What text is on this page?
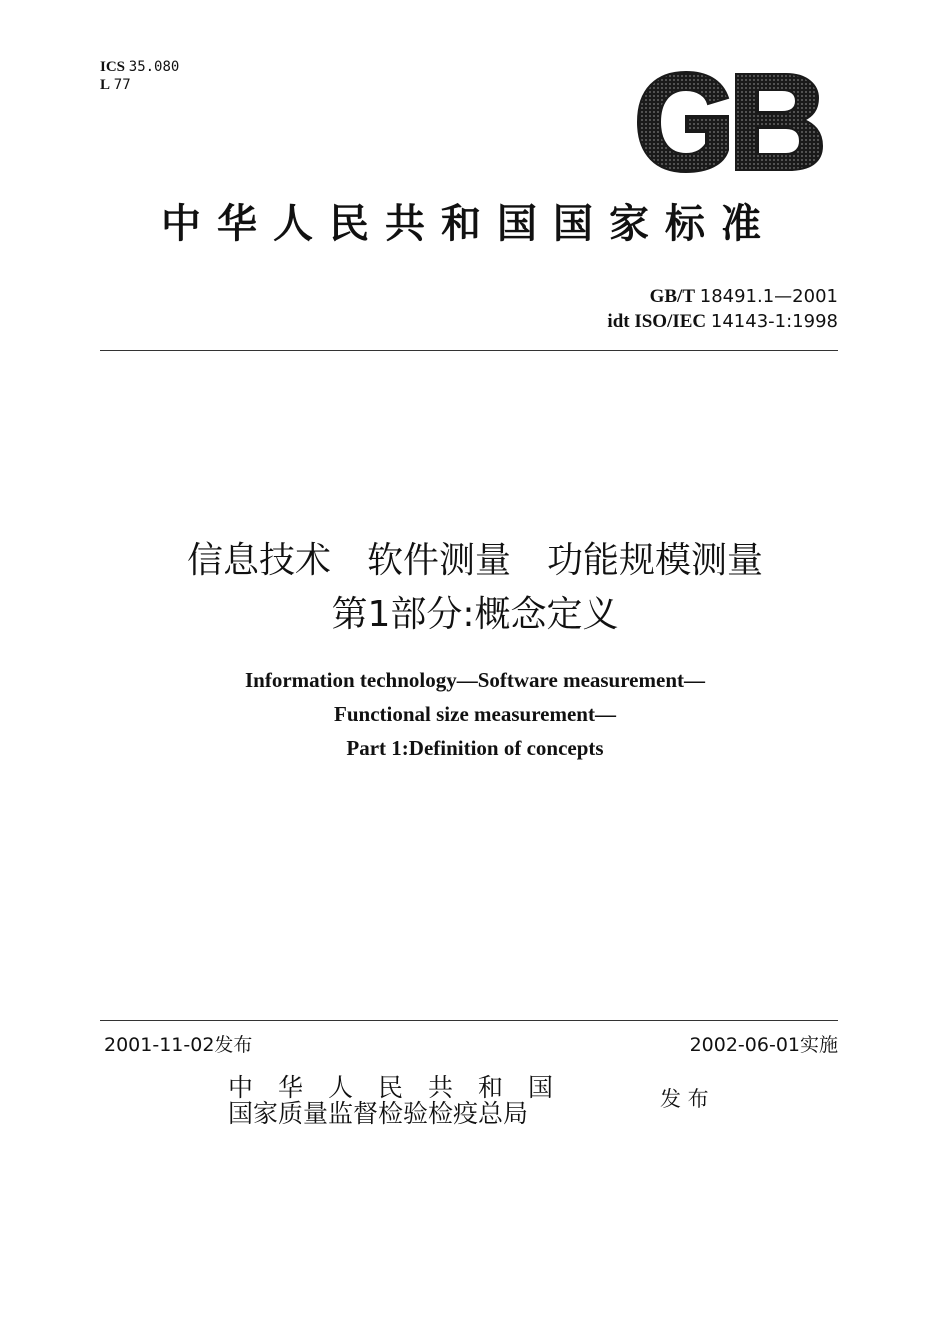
ICS 35.080
L 77
中华人民共和国国家标准
GB/T 18491.1—2001
idt ISO/IEC 14143-1:1998
信息技术　软件测量　功能规模测量
第1部分:概念定义
Information technology—Software measurement—
Functional size measurement—
Part 1:Definition of concepts
2001-11-02发布	2002-06-01实施
中　华　人　民　共　和　国
国家质量监督检验检疫总局	发 布
